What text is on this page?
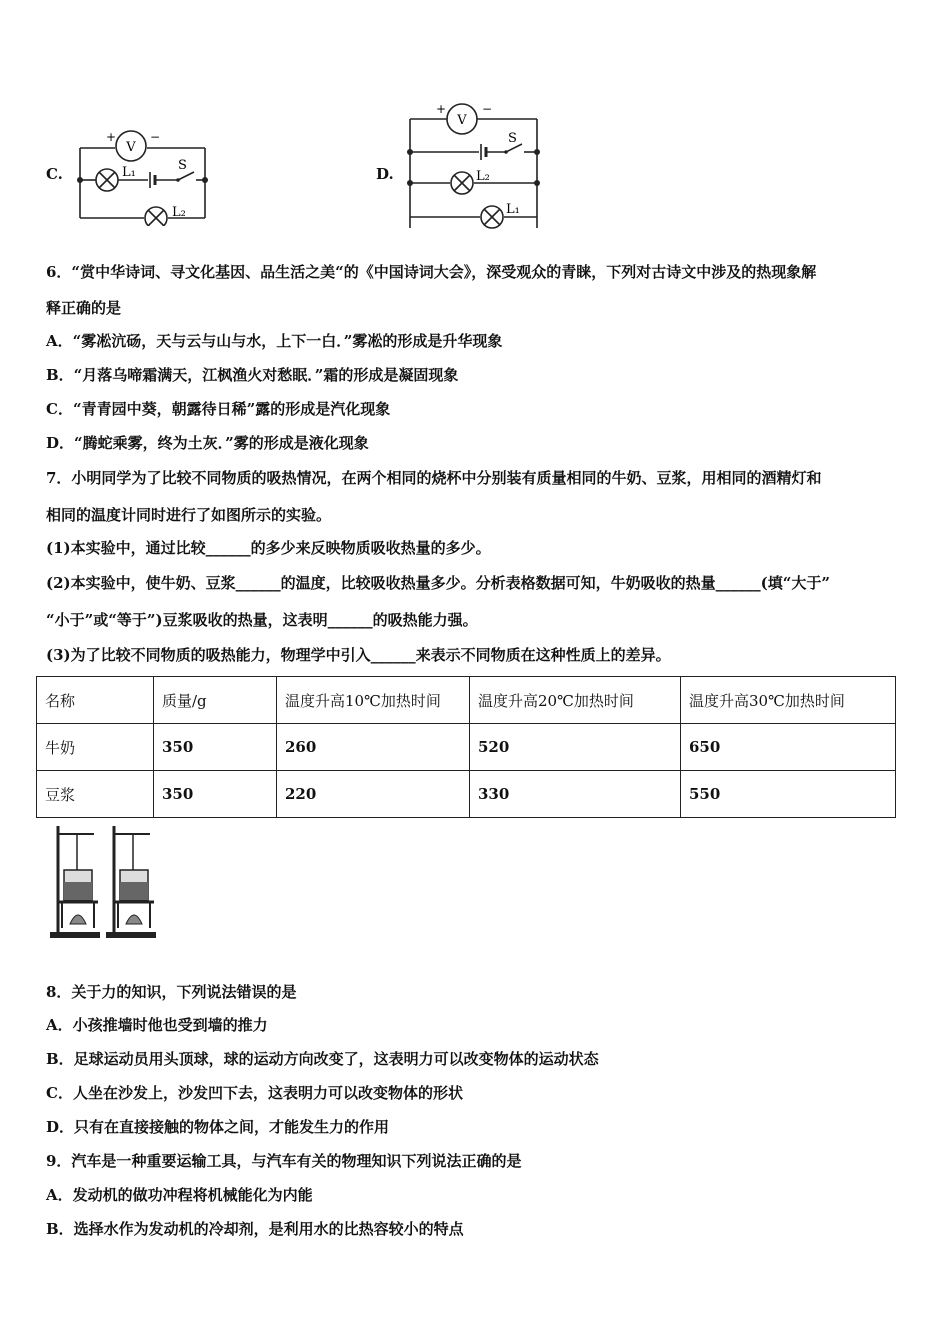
C.
V
+	−
L₁
L₂
S	D.
V
+	−
L₂
L₁
S
6．“赏中华诗词、寻文化基因、品生活之美“的《中国诗词大会》，深受观众的青睐，下列对古诗文中涉及的热现象解
释正确的是
A．“雾凇沆砀，天与云与山与水，上下一白．”雾凇的形成是升华现象
B．“月落乌啼霜满天，江枫渔火对愁眠．”霜的形成是凝固现象
C．“青青园中葵，朝露待日稀”露的形成是汽化现象
D．“腾蛇乘雾，终为土灰．”雾的形成是液化现象
7．小明同学为了比较不同物质的吸热情况，在两个相同的烧杯中分别装有质量相同的牛奶、豆浆，用相同的酒精灯和
相同的温度计同时进行了如图所示的实验。
(1)本实验中，通过比较______的多少来反映物质吸收热量的多少。
(2)本实验中，使牛奶、豆浆______的温度，比较吸收热量多少。分析表格数据可知，牛奶吸收的热量______(填“大于”
“小于”或“等于”)豆浆吸收的热量，这表明______的吸热能力强。
(3)为了比较不同物质的吸热能力，物理学中引入______来表示不同物质在这种性质上的差异。
名称	质量/g	温度升高10℃加热时间	温度升高20℃加热时间	温度升高30℃加热时间
牛奶	350	260	520	650
豆浆	350	220	330	550
8．关于力的知识，下列说法错误的是
A．小孩推墙时他也受到墙的推力
B．足球运动员用头顶球，球的运动方向改变了，这表明力可以改变物体的运动状态
C．人坐在沙发上，沙发凹下去，这表明力可以改变物体的形状
D．只有在直接接触的物体之间，才能发生力的作用
9．汽车是一种重要运输工具，与汽车有关的物理知识下列说法正确的是
A．发动机的做功冲程将机械能化为内能
B．选择水作为发动机的冷却剂，是利用水的比热容较小的特点
